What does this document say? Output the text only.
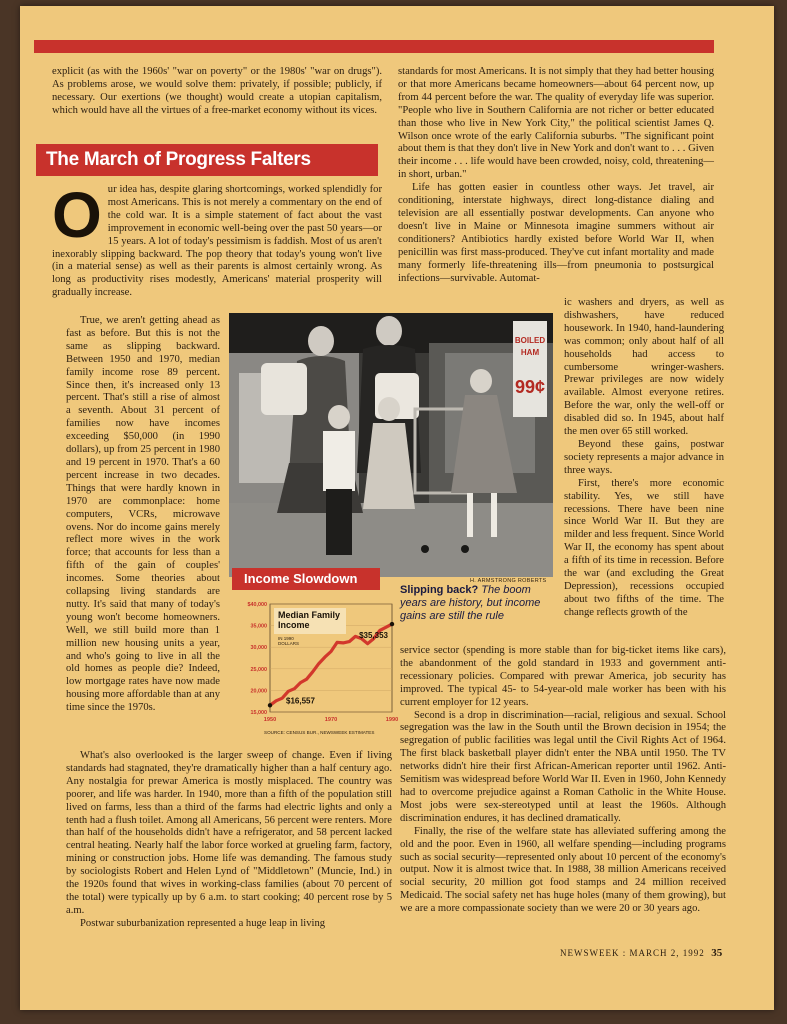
explicit (as with the 1960s' "war on poverty" or the 1980s' "war on drugs"). As problems arose, we would solve them: privately, if possible; publicly, if necessary. Our exertions (we thought) would create a utopian capitalism, which would have all the virtues of a free-market economy without its vices.

The March of Progress Falters
O ur idea has, despite glaring shortcomings, worked splendidly for most Americans. This is not merely a commentary on the end of the cold war. It is a simple statement of fact about the vast improvement in economic well-being over the past 50 years—or 15 years. A lot of today's pessimism is faddish. Most of us aren't inexorably slipping backward. The pop theory that today's young won't live (in a material sense) as well as their parents is almost certainly wrong. As long as productivity rises modestly, Americans' material prosperity will gradually increase.

True, we aren't getting ahead as fast as before. But this is not the same as slipping backward. Between 1950 and 1970, median family income rose 89 percent. Since then, it's increased only 13 percent. That's still a rise of almost a seventh. About 31 percent of families now have incomes exceeding $50,000 (in 1990 dollars), up from 25 percent in 1980 and 19 percent in 1970. That's a 60 percent increase in two decades. Things that were hardly known in 1970 are commonplace: home computers, VCRs, microwave ovens. Nor do income gains merely reflect more wives in the work force; that accounts for less than a fifth of the gain of couples' incomes. Some theories about collapsing living standards are nutty. It's said that many of today's young won't become homeowners. Well, we still build more than 1 million new housing units a year, and who's going to live in all the old homes as people die? Indeed, low mortgage rates have now made housing more affordable than at any time since the 1970s.

What's also overlooked is the larger sweep of change. Even if living standards had stagnated, they're dramatically higher than a half century ago. Any nostalgia for prewar America is mostly misplaced. The country was poorer, and life was harder. In 1940, more than a fifth of the population still lived on farms, less than a third of the farms had electric lights and only a tenth had a flush toilet. Among all Americans, 56 percent were renters. More than half of the households didn't have a refrigerator, and 58 percent lacked central heating. Nearly half the labor force worked at grueling farm, factory, mining or construction jobs. Home life was demanding. The famous study by sociologists Robert and Helen Lynd of "Middletown" (Muncie, Ind.) in the 1920s found that wives in working-class families (about 70 percent of the total) were typically up by 6 a.m. to start cooking; 40 percent rose by 5 a.m.

Postwar suburbanization represented a huge leap in living

standards for most Americans. It is not simply that they had better housing or that more Americans became homeowners—about 64 percent now, up from 44 percent before the war. The quality of everyday life was superior. "People who live in Southern California are not richer or better educated than those who live in New York City," the political scientist James Q. Wilson once wrote of the early California suburbs. "The significant point about them is that they don't live in New York and don't want to . . . Given their income . . . life would have been crowded, noisy, cold, threatening—in short, urban."

Life has gotten easier in countless other ways. Jet travel, air conditioning, interstate highways, direct long-distance dialing and television are all essentially postwar developments. Can anyone who doesn't live in Maine or Minnesota imagine summers without air conditioners? Antibiotics hardly existed before World War II, when penicillin was first mass-produced. They've cut infant mortality and made many formerly life-threatening ills—from pneumonia to postsurgical infections—survivable. Automat-

ic washers and dryers, as well as dishwashers, have reduced housework. In 1940, hand-laundering was common; only about half of all households had access to cumbersome wringer-washers. Prewar privileges are now widely available. Almost everyone retires. Before the war, only the well-off or disabled did so. In 1945, about half the men over 65 still worked.

Beyond these gains, postwar society represents a major advance in three ways.

First, there's more economic stability. Yes, we still have recessions. There have been nine since World War II. But they are milder and less frequent. Since World War II, the economy has spent about a fifth of its time in recession. Before the war (and excluding the Great Depression), recessions occupied about two fifths of the time. The change reflects growth of the

service sector (spending is more stable than for big-ticket items like cars), the abandonment of the gold standard in 1933 and government anti-recessionary policies. Compared with prewar America, job security has improved. The typical 45- to 54-year-old male worker has been with his current employer for 12 years.

Second is a drop in discrimination—racial, religious and sexual. School segregation was the law in the South until the Brown decision in 1954; the segregation of public facilities was legal until the Civil Rights Act of 1964. The first black basketball player didn't enter the NBA until 1950. The TV networks didn't hire their first African-American reporter until 1962. Anti-Semitism was widespread before World War II. Even in 1960, John Kennedy had to overcome prejudice against a Roman Catholic in the White House. Most jobs were sex-stereotyped until at least the 1960s. Although discrimination endures, it has declined dramatically.

Finally, the rise of the welfare state has alleviated suffering among the old and the poor. Even in 1960, all welfare spending—including programs such as social security—represented only about 10 percent of the economy's output. Now it is almost twice that. In 1988, 38 million Americans received social security, 20 million got food stamps and 24 million received Medicaid. The social safety net has huge holes (many of them growing), but we are a more compassionate society than we were 20 or 30 years ago.

BOILED
HAM
99¢
H. ARMSTRONG ROBERTS
Slipping back? The boom years are history, but income gains are still the rule
Income Slowdown
$40,000
35,000
30,000
25,000
20,000
15,000
1950	1970	1990
Median Family Income
IN 1990
DOLLARS
$16,557
$35,353
SOURCE: CENSUS BUR., NEWSWEEK ESTIMATES
NEWSWEEK : MARCH 2, 1992 35
